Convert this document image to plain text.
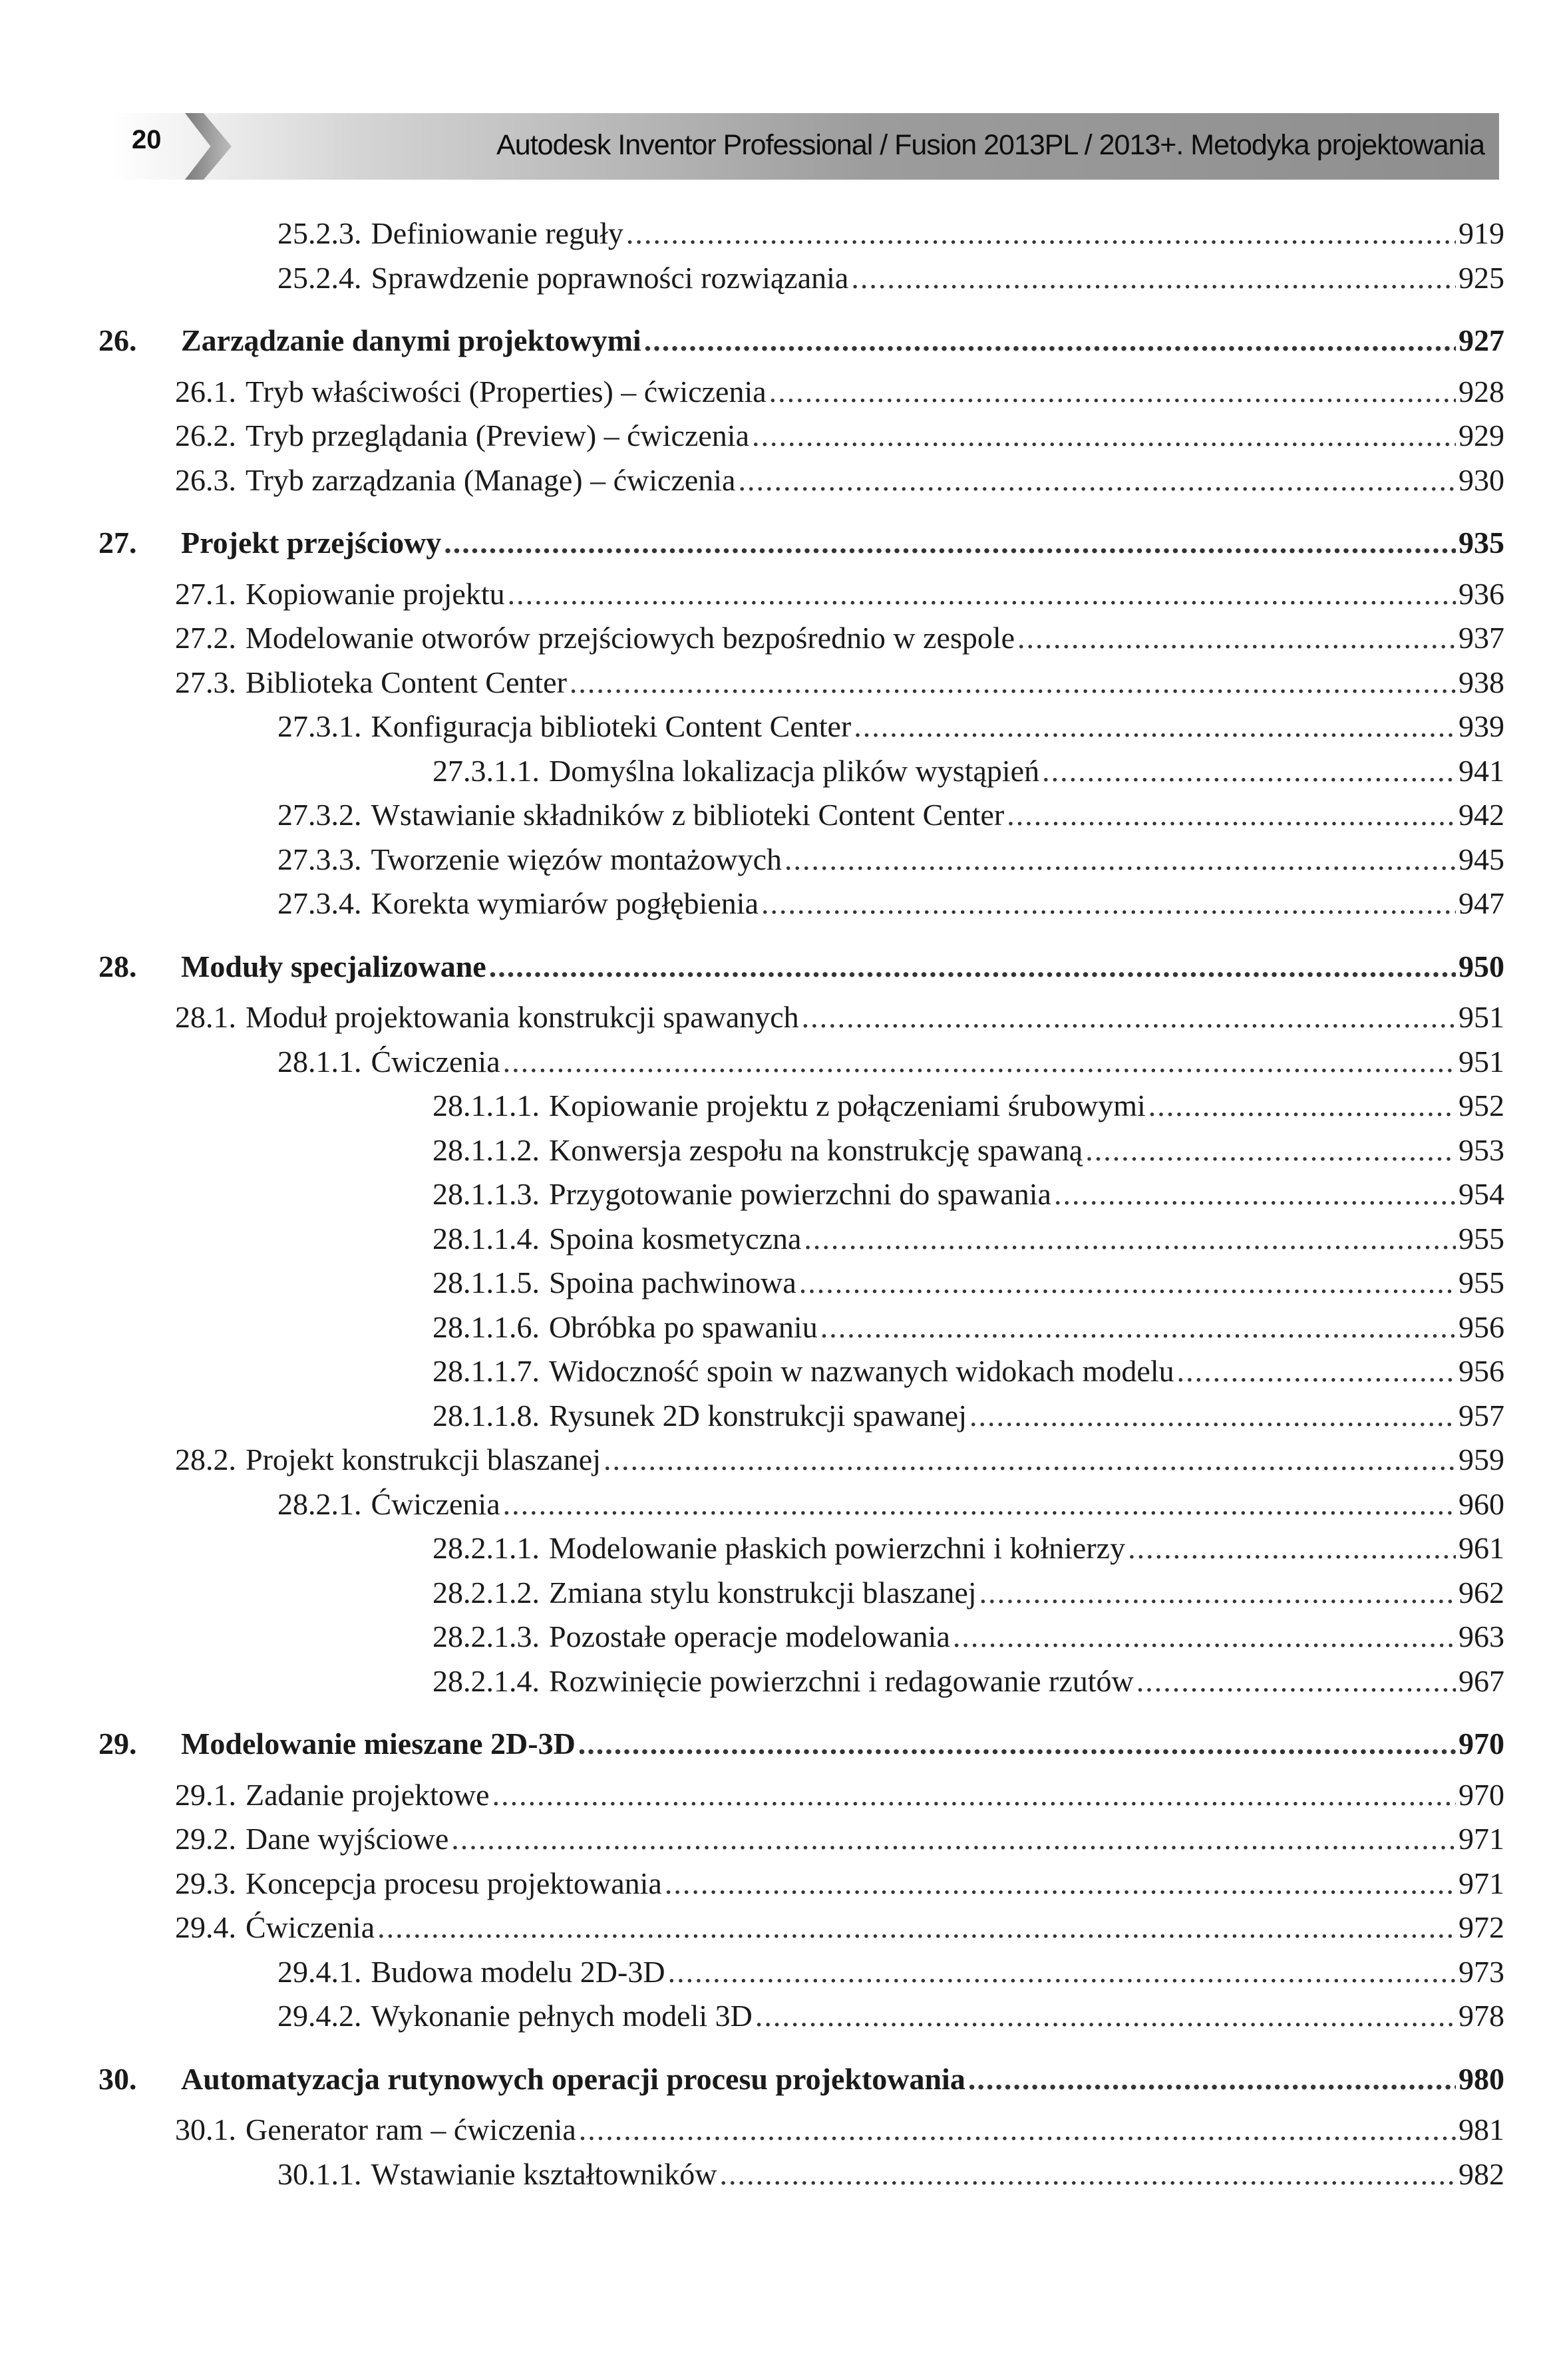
20	Autodesk Inventor Professional / Fusion 2013PL / 2013+. Metodyka projektowania
25.2.3. Definiowanie reguły .....	919
25.2.4. Sprawdzenie poprawności rozwiązania .....	925
26.	Zarządzanie danymi projektowymi .....	927
26.1. Tryb właściwości (Properties) – ćwiczenia .....	928
26.2. Tryb przeglądania (Preview) – ćwiczenia .....	929
26.3. Tryb zarządzania (Manage) – ćwiczenia .....	930
27.	Projekt przejściowy .....	935
27.1. Kopiowanie projektu .....	936
27.2. Modelowanie otworów przejściowych bezpośrednio w zespole .....	937
27.3. Biblioteka Content Center .....	938
27.3.1. Konfiguracja biblioteki Content Center .....	939
27.3.1.1. Domyślna lokalizacja plików wystąpień .....	941
27.3.2. Wstawianie składników z biblioteki Content Center .....	942
27.3.3. Tworzenie więzów montażowych .....	945
27.3.4. Korekta wymiarów pogłębienia .....	947
28.	Moduły specjalizowane .....	950
28.1. Moduł projektowania konstrukcji spawanych .....	951
28.1.1. Ćwiczenia .....	951
28.1.1.1. Kopiowanie projektu z połączeniami śrubowymi .....	952
28.1.1.2. Konwersja zespołu na konstrukcję spawaną .....	953
28.1.1.3. Przygotowanie powierzchni do spawania .....	954
28.1.1.4. Spoina kosmetyczna .....	955
28.1.1.5. Spoina pachwinowa .....	955
28.1.1.6. Obróbka po spawaniu .....	956
28.1.1.7. Widoczność spoin w nazwanych widokach modelu .....	956
28.1.1.8. Rysunek 2D konstrukcji spawanej .....	957
28.2. Projekt konstrukcji blaszanej .....	959
28.2.1. Ćwiczenia .....	960
28.2.1.1. Modelowanie płaskich powierzchni i kołnierzy .....	961
28.2.1.2. Zmiana stylu konstrukcji blaszanej .....	962
28.2.1.3. Pozostałe operacje modelowania .....	963
28.2.1.4. Rozwinięcie powierzchni i redagowanie rzutów .....	967
29.	Modelowanie mieszane 2D-3D .....	970
29.1. Zadanie projektowe .....	970
29.2. Dane wyjściowe .....	971
29.3. Koncepcja procesu projektowania .....	971
29.4. Ćwiczenia .....	972
29.4.1. Budowa modelu 2D-3D .....	973
29.4.2. Wykonanie pełnych modeli 3D .....	978
30.	Automatyzacja rutynowych operacji procesu projektowania .....	980
30.1. Generator ram – ćwiczenia .....	981
30.1.1. Wstawianie kształtowników .....	982
